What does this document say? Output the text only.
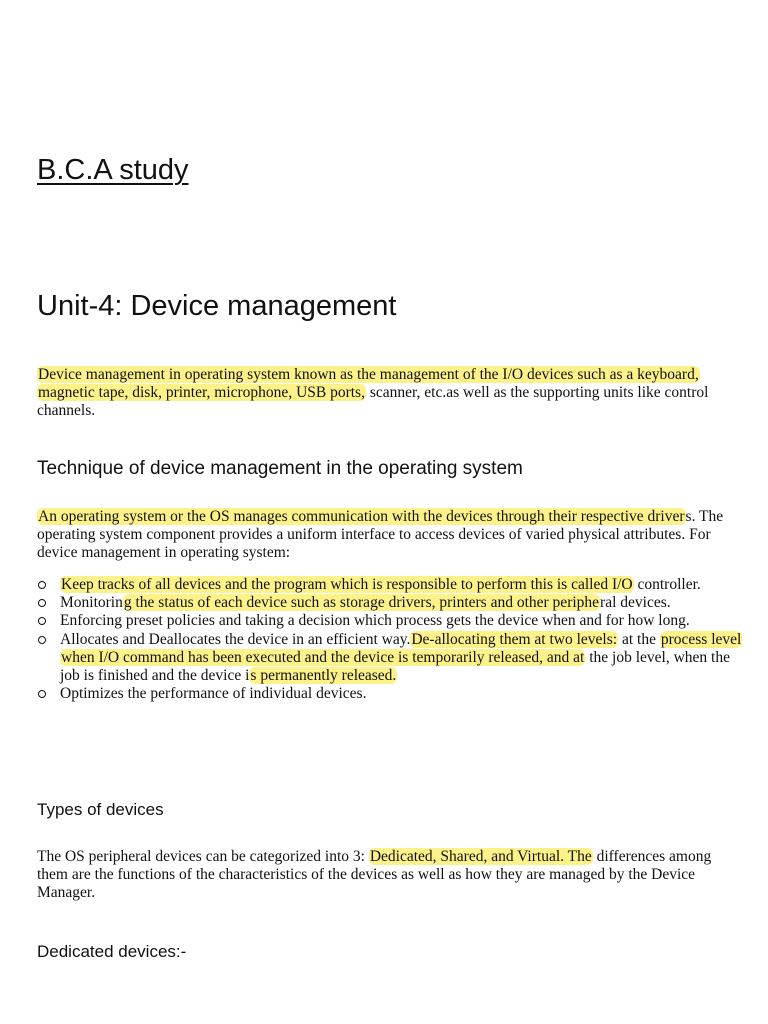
B.C.A study
Unit-4: Device management

Device management in operating system known as the management of the I/O devices such as a keyboard, magnetic tape, disk, printer, microphone, USB ports, scanner, etc.as well as the supporting units like control channels.

Technique of device management in the operating system

An operating system or the OS manages communication with the devices through their respective drivers. The operating system component provides a uniform interface to access devices of varied physical attributes. For device management in operating system:

Keep tracks of all devices and the program which is responsible to perform this is called I/O controller.
Monitoring the status of each device such as storage drivers, printers and other peripheral devices.
Enforcing preset policies and taking a decision which process gets the device when and for how long.
Allocates and Deallocates the device in an efficient way.De-allocating them at two levels: at the process level when I/O command has been executed and the device is temporarily released, and at the job level, when the job is finished and the device is permanently released.
Optimizes the performance of individual devices.
Types of devices

The OS peripheral devices can be categorized into 3: Dedicated, Shared, and Virtual. The differences among them are the functions of the characteristics of the devices as well as how they are managed by the Device Manager.

Dedicated devices:-
